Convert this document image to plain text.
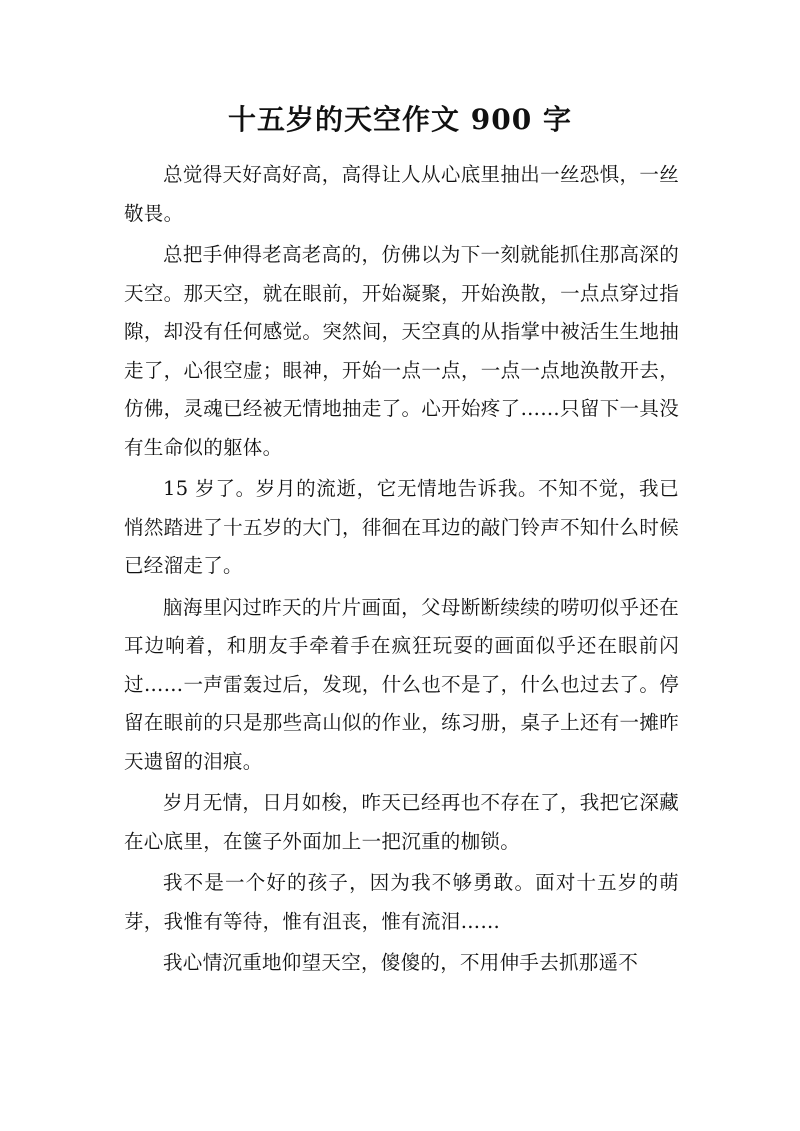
十五岁的天空作文 900 字

总觉得天好高好高，高得让人从心底里抽出一丝恐惧，一丝敬畏。

总把手伸得老高老高的，仿佛以为下一刻就能抓住那高深的天空。那天空，就在眼前，开始凝聚，开始涣散，一点点穿过指隙，却没有任何感觉。突然间，天空真的从指掌中被活生生地抽走了，心很空虚；眼神，开始一点一点，一点一点地涣散开去，仿佛，灵魂已经被无情地抽走了。心开始疼了……只留下一具没有生命似的躯体。

15 岁了。岁月的流逝，它无情地告诉我。不知不觉，我已悄然踏进了十五岁的大门，徘徊在耳边的敲门铃声不知什么时候已经溜走了。

脑海里闪过昨天的片片画面，父母断断续续的唠叨似乎还在耳边响着，和朋友手牵着手在疯狂玩耍的画面似乎还在眼前闪过……一声雷轰过后，发现，什么也不是了，什么也过去了。停留在眼前的只是那些高山似的作业，练习册，桌子上还有一摊昨天遗留的泪痕。

岁月无情，日月如梭，昨天已经再也不存在了，我把它深藏在心底里，在箧子外面加上一把沉重的枷锁。

我不是一个好的孩子，因为我不够勇敢。面对十五岁的萌芽，我惟有等待，惟有沮丧，惟有流泪……

我心情沉重地仰望天空，傻傻的，不用伸手去抓那遥不
